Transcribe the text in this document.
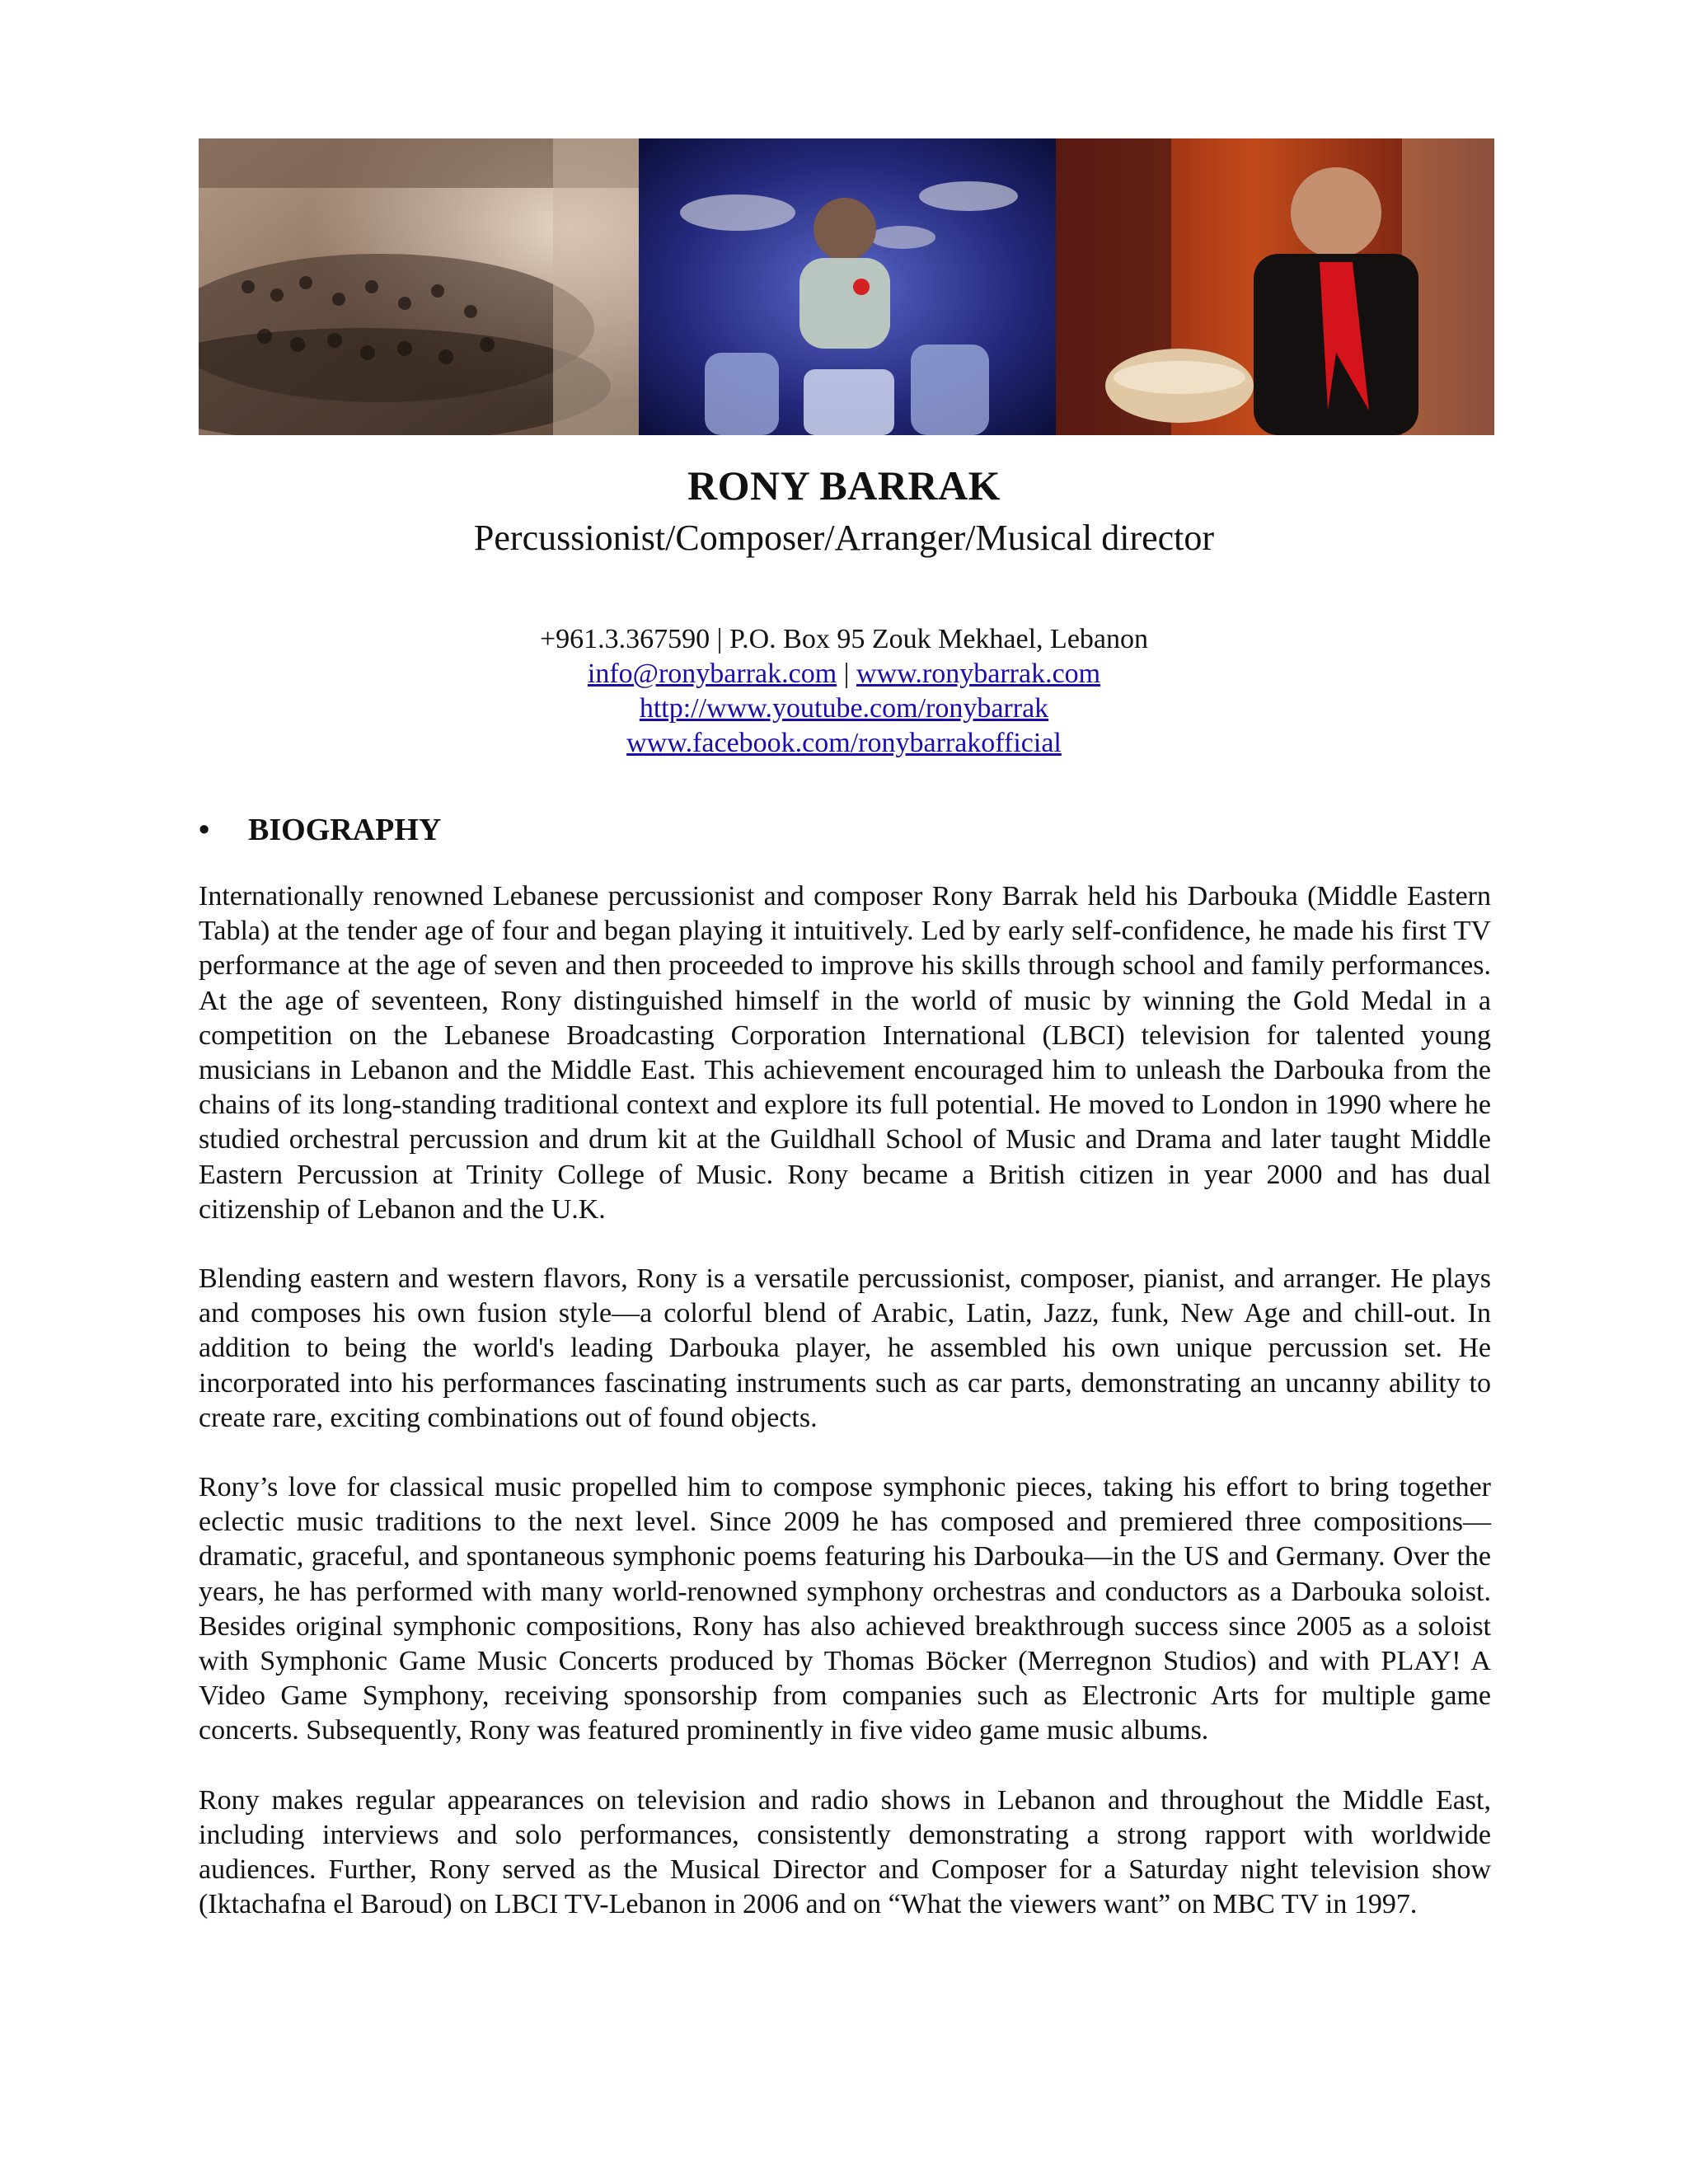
RONY BARRAK
Percussionist/Composer/Arranger/Musical director
+961.3.367590 | P.O. Box 95 Zouk Mekhael, Lebanon
info@ronybarrak.com | www.ronybarrak.com
http://www.youtube.com/ronybarrak
www.facebook.com/ronybarrakofficial
•	BIOGRAPHY

Internationally renowned Lebanese percussionist and composer Rony Barrak held his Darbouka (Middle Eastern Tabla) at the tender age of four and began playing it intuitively. Led by early self-confidence, he made his first TV performance at the age of seven and then proceeded to improve his skills through school and family performances. At the age of seventeen, Rony distinguished himself in the world of music by winning the Gold Medal in a competition on the Lebanese Broadcasting Corporation International (LBCI) television for talented young musicians in Lebanon and the Middle East. This achievement encouraged him to unleash the Darbouka from the chains of its long-standing traditional context and explore its full potential. He moved to London in 1990 where he studied orchestral percussion and drum kit at the Guildhall School of Music and Drama and later taught Middle Eastern Percussion at Trinity College of Music. Rony became a British citizen in year 2000 and has dual citizenship of Lebanon and the U.K.

Blending eastern and western flavors, Rony is a versatile percussionist, composer, pianist, and arranger. He plays and composes his own fusion style—a colorful blend of Arabic, Latin, Jazz, funk, New Age and chill-out. In addition to being the world's leading Darbouka player, he assembled his own unique percussion set. He incorporated into his performances fascinating instruments such as car parts, demonstrating an uncanny ability to create rare, exciting combinations out of found objects.

Rony’s love for classical music propelled him to compose symphonic pieces, taking his effort to bring together eclectic music traditions to the next level. Since 2009 he has composed and premiered three compositions—dramatic, graceful, and spontaneous symphonic poems featuring his Darbouka—in the US and Germany. Over the years, he has performed with many world-renowned symphony orchestras and conductors as a Darbouka soloist. Besides original symphonic compositions, Rony has also achieved breakthrough success since 2005 as a soloist with Symphonic Game Music Concerts produced by Thomas Böcker (Merregnon Studios) and with PLAY! A Video Game Symphony, receiving sponsorship from companies such as Electronic Arts for multiple game concerts. Subsequently, Rony was featured prominently in five video game music albums.

Rony makes regular appearances on television and radio shows in Lebanon and throughout the Middle East, including interviews and solo performances, consistently demonstrating a strong rapport with worldwide audiences. Further, Rony served as the Musical Director and Composer for a Saturday night television show (Iktachafna el Baroud) on LBCI TV-Lebanon in 2006 and on “What the viewers want” on MBC TV in 1997.
